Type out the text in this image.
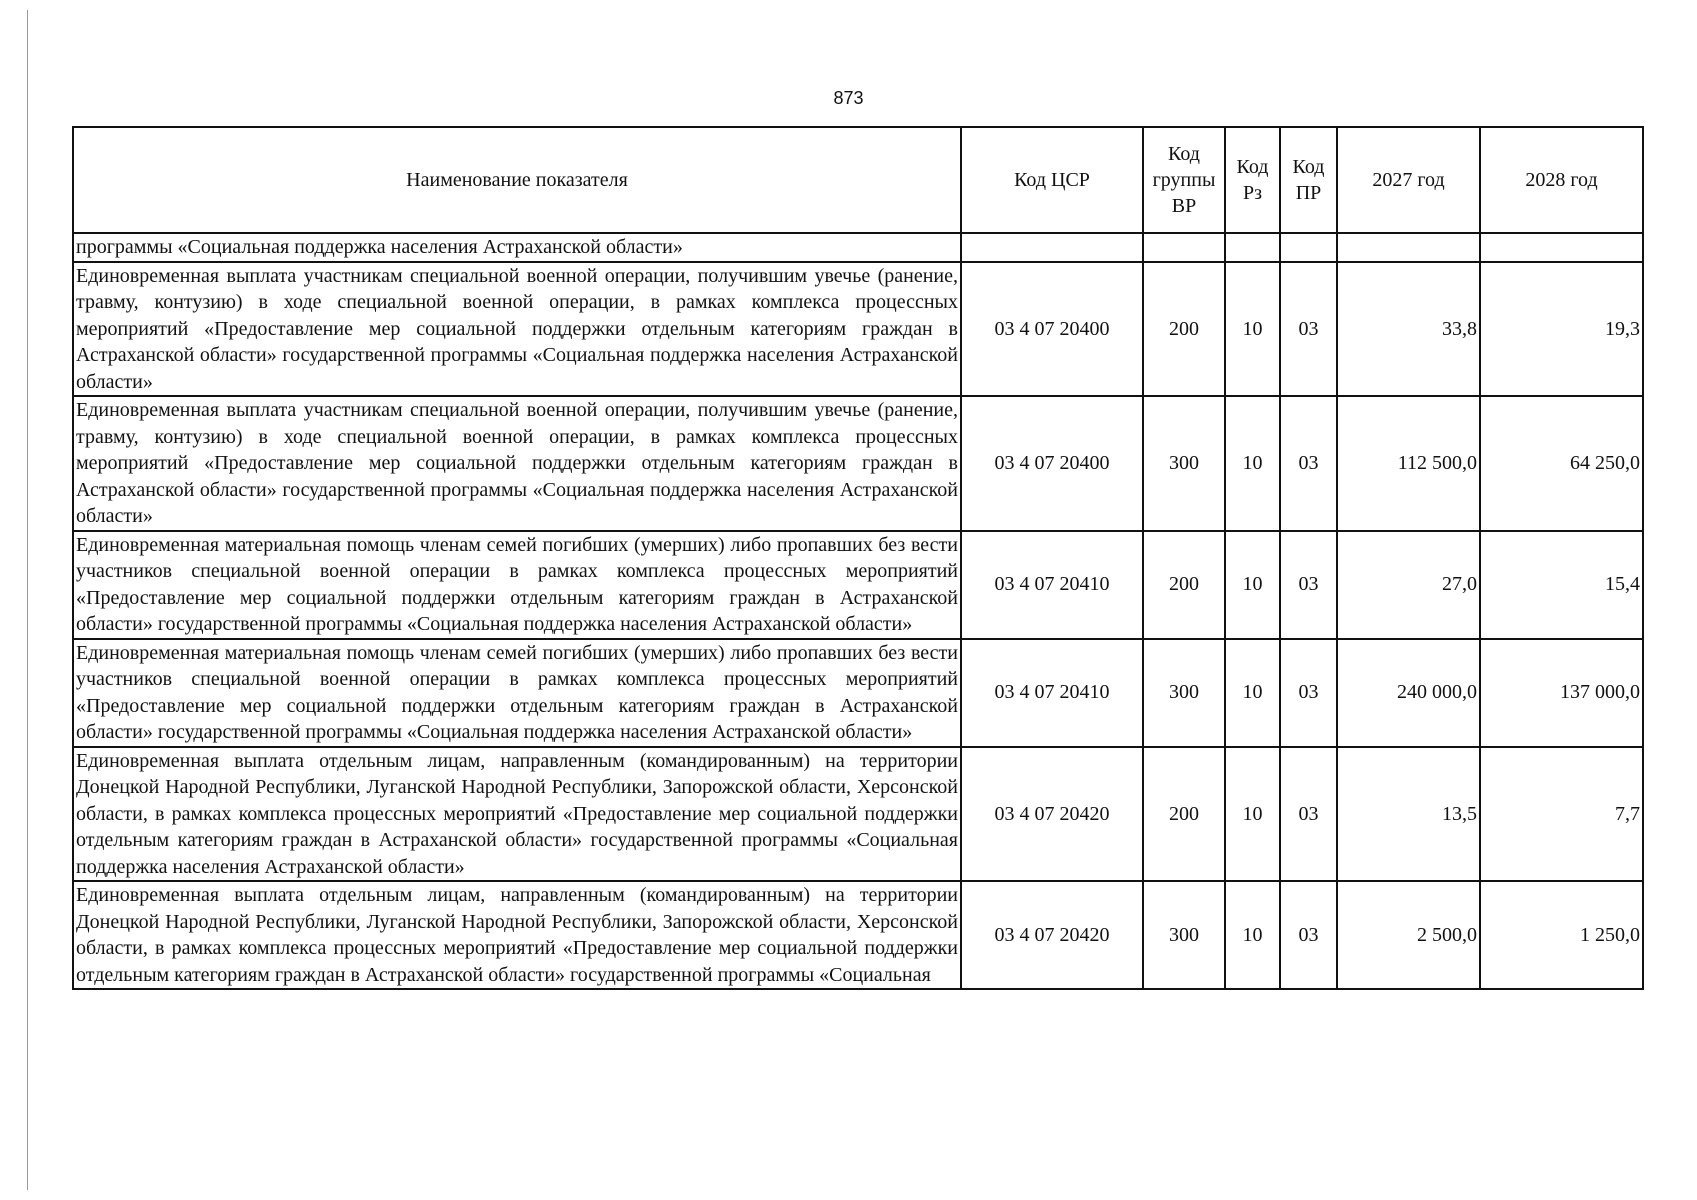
873
Наименование показателя	Код ЦСР	Код группы ВР	Код Рз	Код ПР	2027 год	2028 год
программы «Социальная поддержка населения Астраханской области»						
Единовременная выплата участникам специальной военной операции, получившим увечье (ранение, травму, контузию) в ходе специальной военной операции, в рамках комплекса процессных мероприятий «Предоставление мер социальной поддержки отдельным категориям граждан в Астраханской области» государственной программы «Социальная поддержка населения Астраханской области»	03 4 07 20400	200	10	03	33,8	19,3
Единовременная выплата участникам специальной военной операции, получившим увечье (ранение, травму, контузию) в ходе специальной военной операции, в рамках комплекса процессных мероприятий «Предоставление мер социальной поддержки отдельным категориям граждан в Астраханской области» государственной программы «Социальная поддержка населения Астраханской области»	03 4 07 20400	300	10	03	112 500,0	64 250,0
Единовременная материальная помощь членам семей погибших (умерших) либо пропавших без вести участников специальной военной операции в рамках комплекса процессных мероприятий «Предоставление мер социальной поддержки отдельным категориям граждан в Астраханской области» государственной программы «Социальная поддержка населения Астраханской области»	03 4 07 20410	200	10	03	27,0	15,4
Единовременная материальная помощь членам семей погибших (умерших) либо пропавших без вести участников специальной военной операции в рамках комплекса процессных мероприятий «Предоставление мер социальной поддержки отдельным категориям граждан в Астраханской области» государственной программы «Социальная поддержка населения Астраханской области»	03 4 07 20410	300	10	03	240 000,0	137 000,0
Единовременная выплата отдельным лицам, направленным (командированным) на территории Донецкой Народной Республики, Луганской Народной Республики, Запорожской области, Херсонской области, в рамках комплекса процессных мероприятий «Предоставление мер социальной поддержки отдельным категориям граждан в Астраханской области» государственной программы «Социальная поддержка населения Астраханской области»	03 4 07 20420	200	10	03	13,5	7,7
Единовременная выплата отдельным лицам, направленным (командированным) на территории Донецкой Народной Республики, Луганской Народной Республики, Запорожской области, Херсонской области, в рамках комплекса процессных мероприятий «Предоставление мер социальной поддержки отдельным категориям граждан в Астраханской области» государственной программы «Социальная	03 4 07 20420	300	10	03	2 500,0	1 250,0
